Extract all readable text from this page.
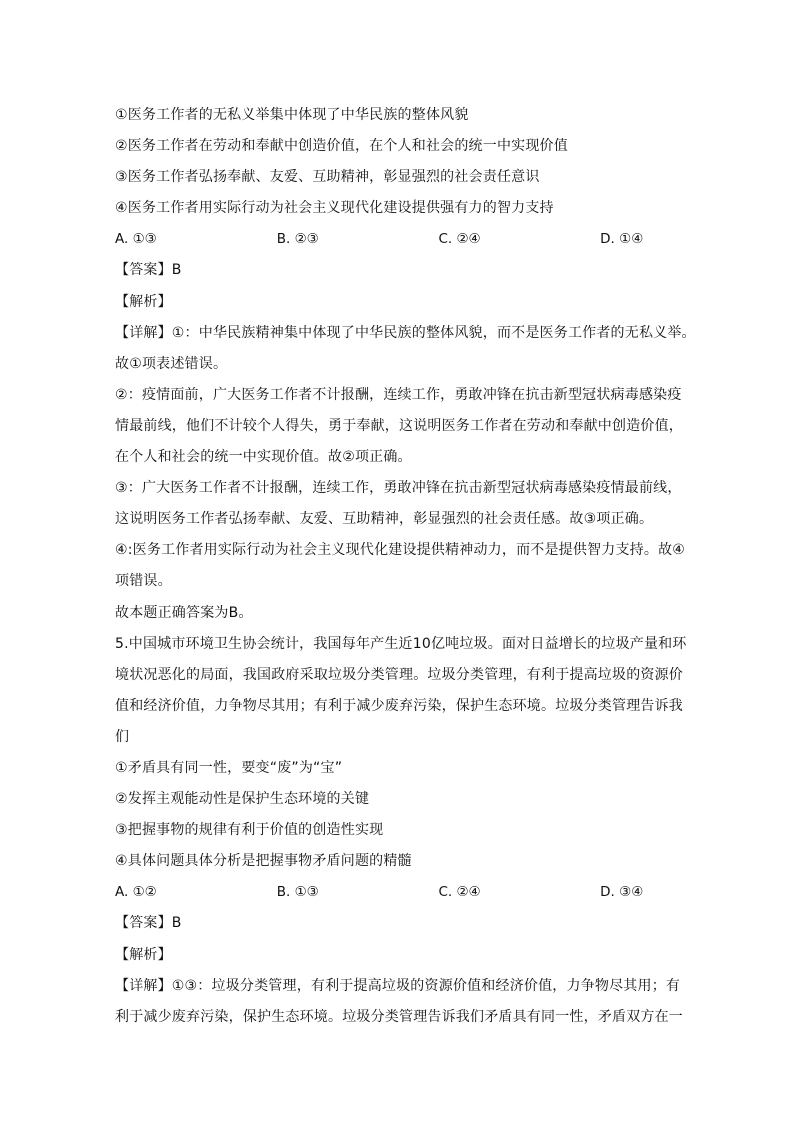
①医务工作者的无私义举集中体现了中华民族的整体风貌
②医务工作者在劳动和奉献中创造价值，在个人和社会的统一中实现价值
③医务工作者弘扬奉献、友爱、互助精神，彰显强烈的社会责任意识
④医务工作者用实际行动为社会主义现代化建设提供强有力的智力支持
A. ①③	B. ②③	C. ②④	D. ①④
【答案】B
【解析】
【详解】①：中华民族精神集中体现了中华民族的整体风貌，而不是医务工作者的无私义举。
故①项表述错误。
②：疫情面前，广大医务工作者不计报酬，连续工作，勇敢冲锋在抗击新型冠状病毒感染疫
情最前线，他们不计较个人得失，勇于奉献，这说明医务工作者在劳动和奉献中创造价值，
在个人和社会的统一中实现价值。故②项正确。
③：广大医务工作者不计报酬，连续工作，勇敢冲锋在抗击新型冠状病毒感染疫情最前线，
这说明医务工作者弘扬奉献、友爱、互助精神，彰显强烈的社会责任感。故③项正确。
④:医务工作者用实际行动为社会主义现代化建设提供精神动力，而不是提供智力支持。故④
项错误。
故本题正确答案为B。
5.中国城市环境卫生协会统计，我国每年产生近10亿吨垃圾。面对日益增长的垃圾产量和环
境状况恶化的局面，我国政府采取垃圾分类管理。垃圾分类管理，有利于提高垃圾的资源价
值和经济价值，力争物尽其用；有利于减少废弃污染，保护生态环境。垃圾分类管理告诉我
们
①矛盾具有同一性，要变“废”为“宝”
②发挥主观能动性是保护生态环境的关键
③把握事物的规律有利于价值的创造性实现
④具体问题具体分析是把握事物矛盾问题的精髓
A. ①②	B. ①③	C. ②④	D. ③④
【答案】B
【解析】
【详解】①③：垃圾分类管理，有利于提高垃圾的资源价值和经济价值，力争物尽其用；有
利于减少废弃污染，保护生态环境。垃圾分类管理告诉我们矛盾具有同一性，矛盾双方在一
